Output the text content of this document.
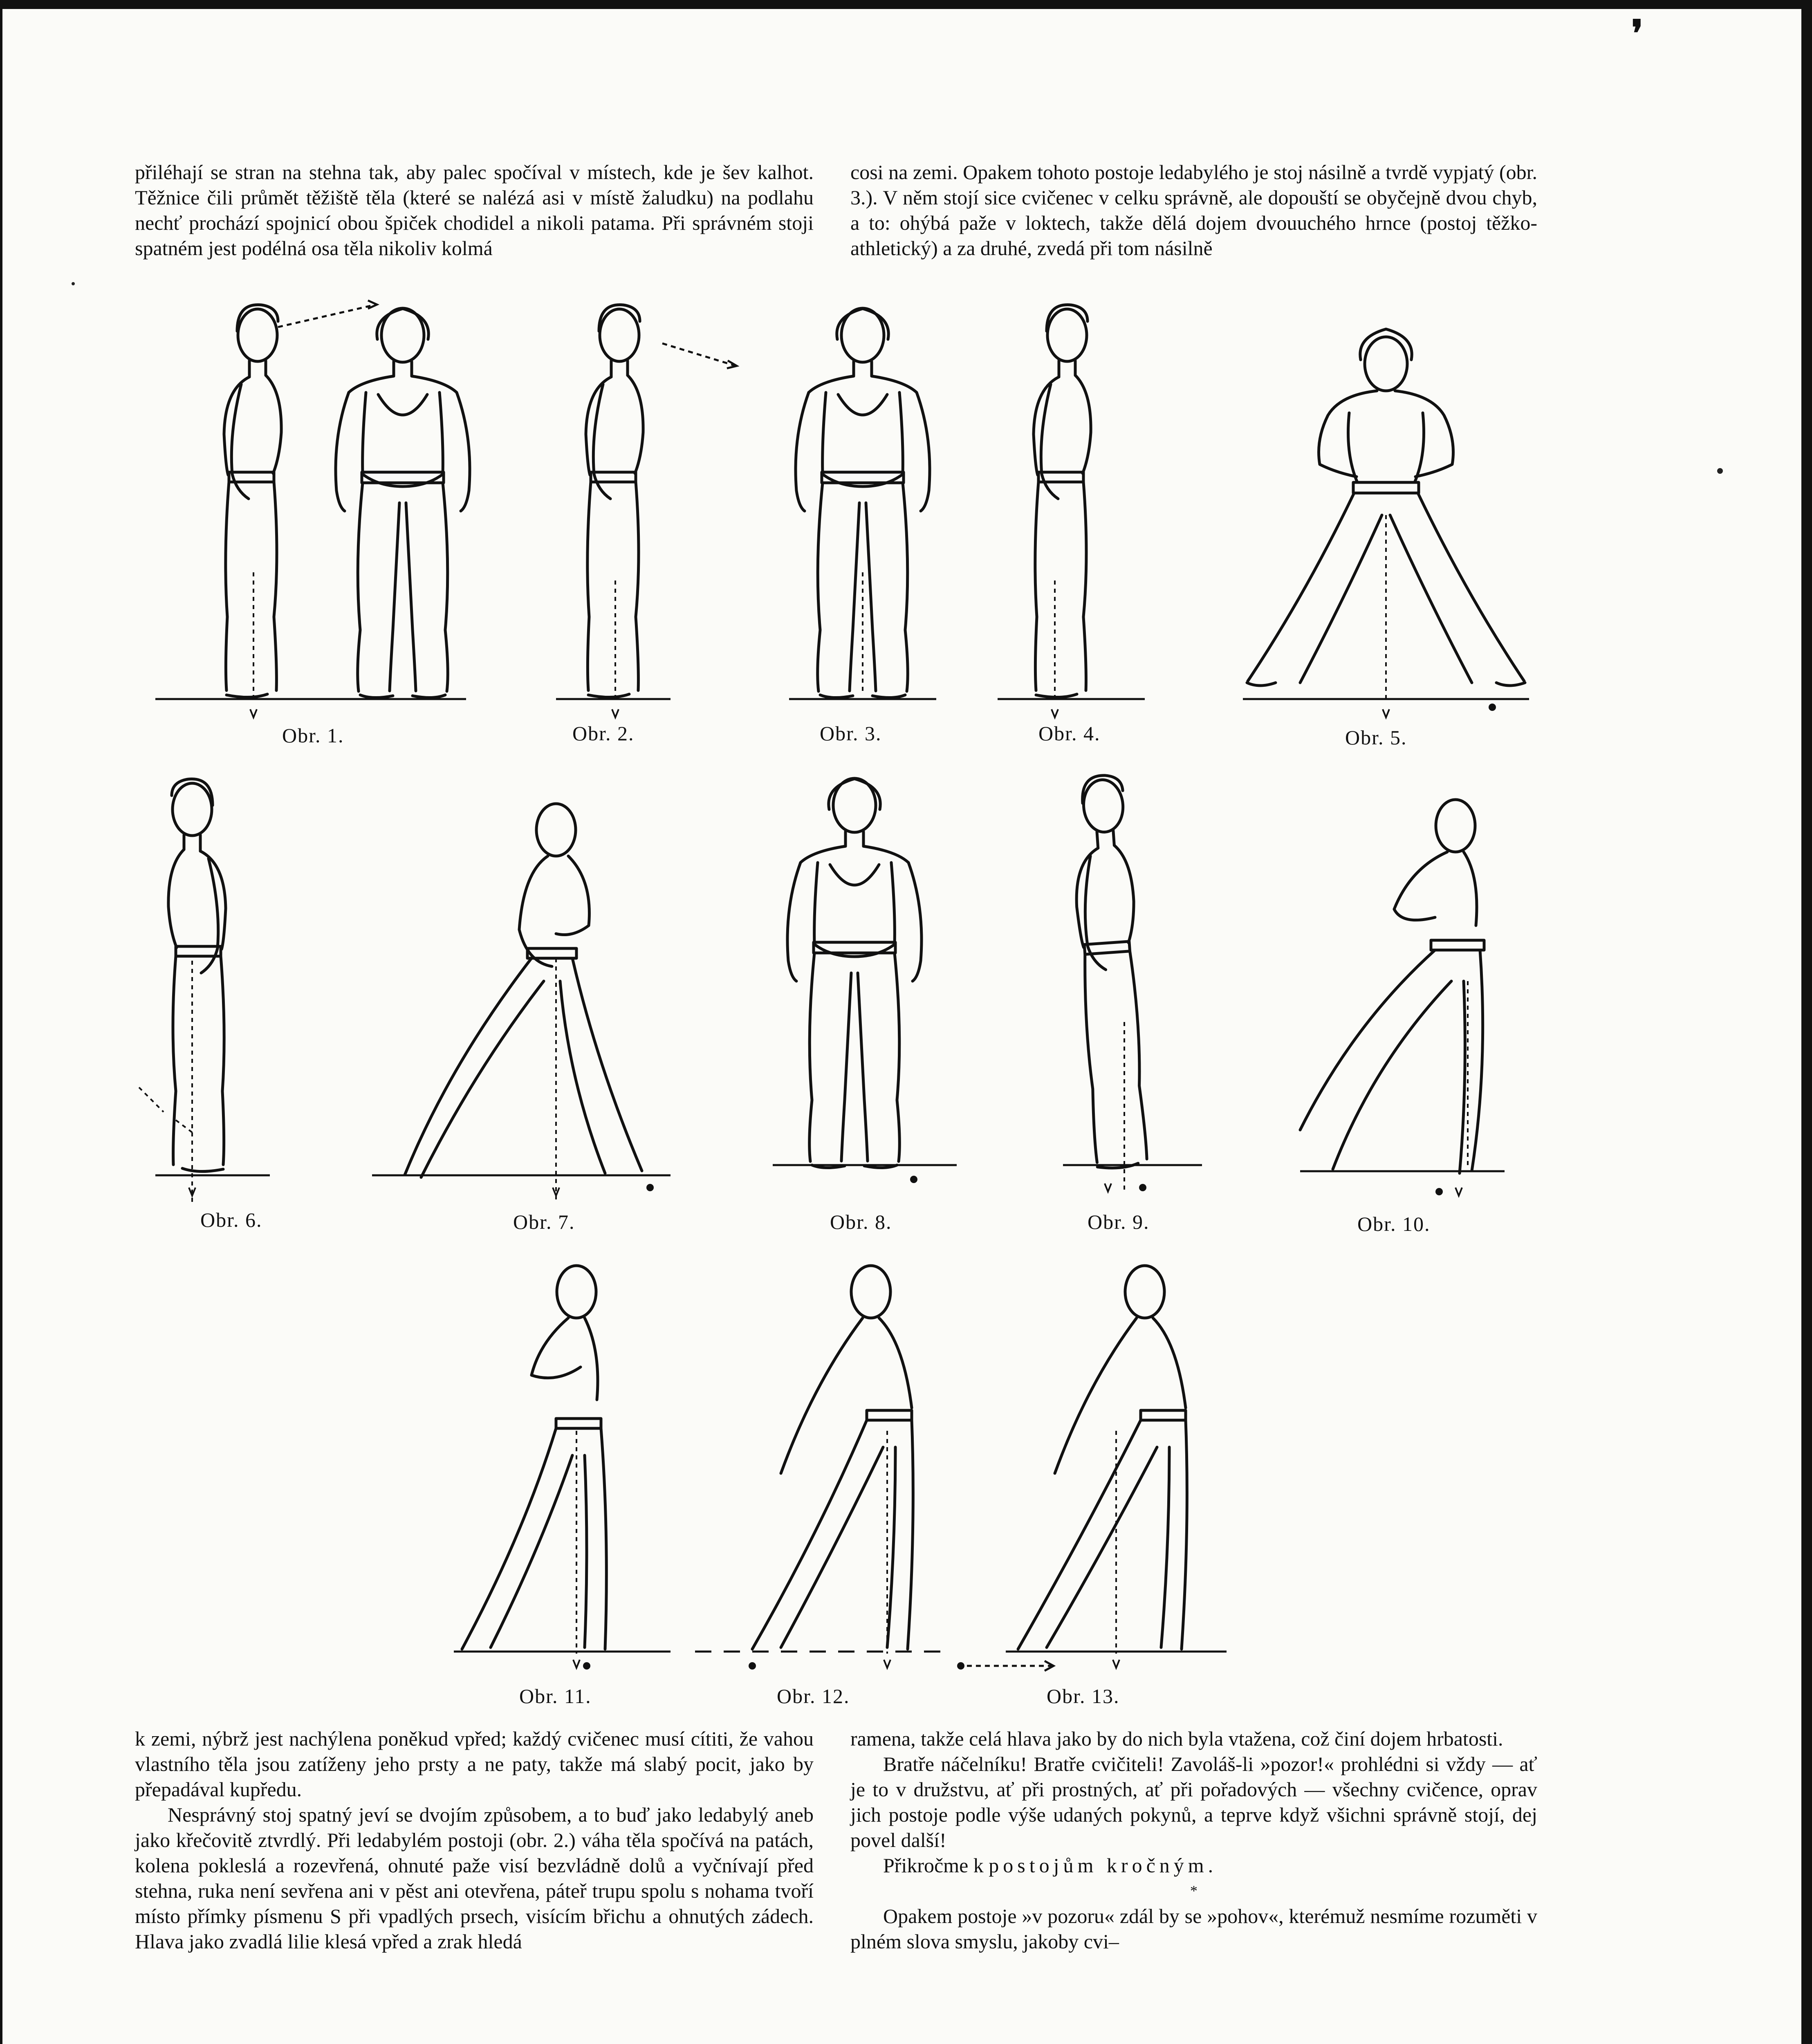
❜

přiléhají se stran na stehna tak, aby palec spočíval v místech, kde je šev kalhot. Těžnice čili průmět těžiště těla (které se nalézá asi v místě žaludku) na podlahu nechť prochází spojnicí obou špiček chodidel a nikoli patama. Při správném stoji spatném jest podélná osa těla nikoliv kolmá

cosi na zemi. Opakem tohoto postoje ledabylého je stoj násilně a tvrdě vypjatý (obr. 3.). V něm stojí sice cvičenec v celku správně, ale dopouští se obyčejně dvou chyb, a to: ohýbá paže v loktech, takže dělá dojem dvouuchého hrnce (postoj těžko-athletický) a za druhé, zvedá při tom násilně

Obr. 1.	Obr. 2.	Obr. 3.	Obr. 4.	Obr. 5.
Obr. 6.	Obr. 7.	Obr. 8.	Obr. 9.	Obr. 10.
Obr. 11.	Obr. 12.	Obr. 13.

k zemi, nýbrž jest nachýlena poněkud vpřed; každý cvičenec musí cítiti, že vahou vlastního těla jsou zatíženy jeho prsty a ne paty, takže má slabý pocit, jako by přepadával kupředu.

Nesprávný stoj spatný jeví se dvojím způsobem, a to buď jako ledabylý aneb jako křečovitě ztvrdlý. Při ledabylém postoji (obr. 2.) váha těla spočívá na patách, kolena pokleslá a rozevřená, ohnuté paže visí bezvládně dolů a vyčnívají před stehna, ruka není sevřena ani v pěst ani otevřena, páteř trupu spolu s nohama tvoří místo přímky písmenu S při vpadlých prsech, visícím břichu a ohnutých zádech. Hlava jako zvadlá lilie klesá vpřed a zrak hledá

ramena, takže celá hlava jako by do nich byla vtažena, což činí dojem hrbatosti.

Bratře náčelníku! Bratře cvičiteli! Zavoláš-li »pozor!« prohlédni si vždy — ať je to v družstvu, ať při prostných, ať při pořadových — všechny cvičence, oprav jich postoje podle výše udaných pokynů, a teprve když všichni správně stojí, dej povel další!

Přikročme k postojům kročným.

*

Opakem postoje »v pozoru« zdál by se »pohov«, kterémuž nesmíme rozuměti v plném slova smyslu, jakoby cvi–
